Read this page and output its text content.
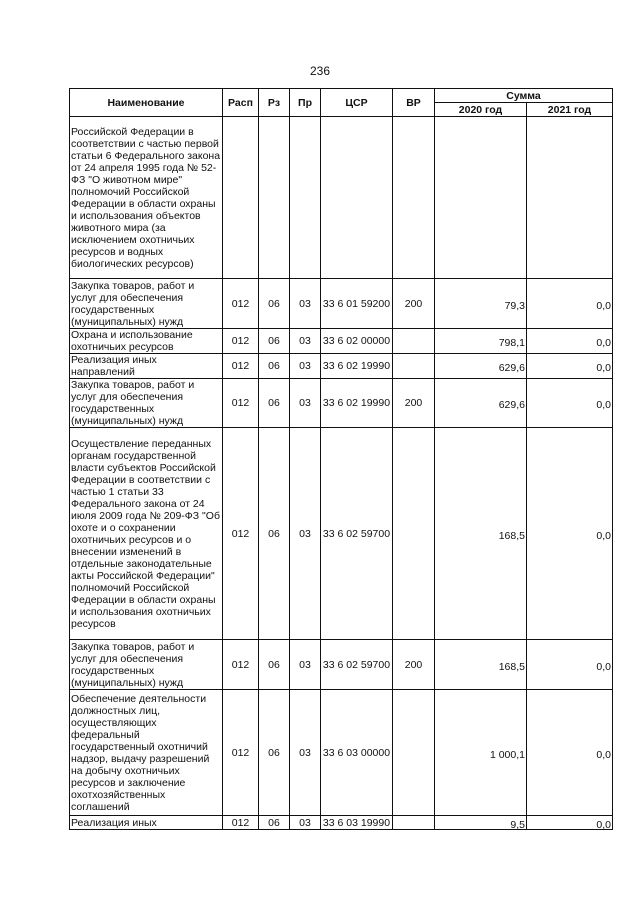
236
Наименование	Расп	Рз	Пр	ЦСР	ВР	Сумма	
						2020 год	2021 год
Российской Федерации в соответствии с частью первой статьи 6 Федерального закона от 24 апреля 1995 года № 52-ФЗ "О животном мире" полномочий Российской Федерации в области охраны и использования объектов животного мира (за исключением охотничьих ресурсов и водных биологических ресурсов)							
Закупка товаров, работ и услуг для обеспечения государственных (муниципальных) нужд	012	06	03	33 6 01 59200	200	79,3	0,0
Охрана и использование охотничьих ресурсов	012	06	03	33 6 02 00000		798,1	0,0
Реализация иных направлений	012	06	03	33 6 02 19990		629,6	0,0
Закупка товаров, работ и услуг для обеспечения государственных (муниципальных) нужд	012	06	03	33 6 02 19990	200	629,6	0,0
Осуществление переданных органам государственной власти субъектов Российской Федерации в соответствии с частью 1 статьи 33 Федерального закона от 24 июля 2009 года № 209-ФЗ "Об охоте и о сохранении охотничьих ресурсов и о внесении изменений в отдельные законодательные акты Российской Федерации" полномочий Российской Федерации в области охраны и использования охотничьих ресурсов	012	06	03	33 6 02 59700		168,5	0,0
Закупка товаров, работ и услуг для обеспечения государственных (муниципальных) нужд	012	06	03	33 6 02 59700	200	168,5	0,0
Обеспечение деятельности должностных лиц, осуществляющих федеральный государственный охотничий надзор, выдачу разрешений на добычу охотничьих ресурсов и заключение охотхозяйственных соглашений	012	06	03	33 6 03 00000		1 000,1	0,0
Реализация иных	012	06	03	33 6 03 19990		9,5	0,0
